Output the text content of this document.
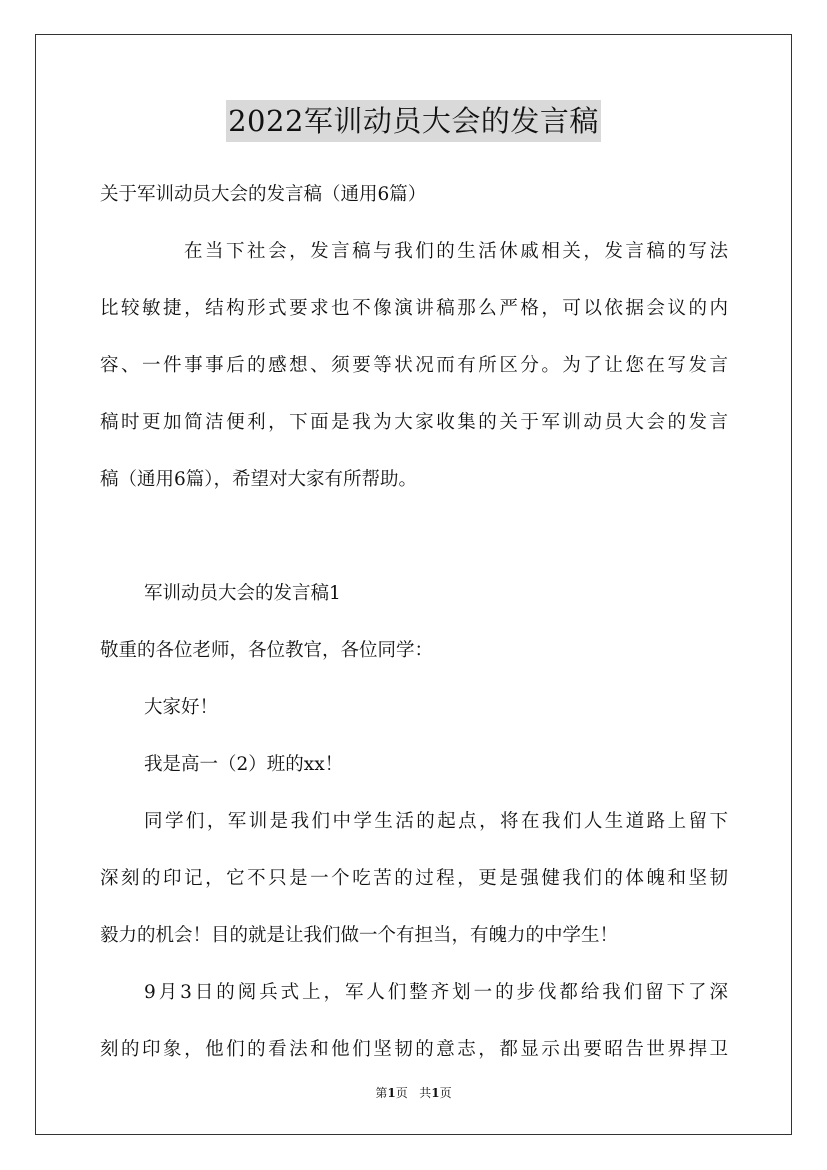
2022军训动员大会的发言稿
关于军训动员大会的发言稿（通用6篇）
在当下社会，发言稿与我们的生活休戚相关，发言稿的写法
比较敏捷，结构形式要求也不像演讲稿那么严格，可以依据会议的内
容、一件事事后的感想、须要等状况而有所区分。为了让您在写发言
稿时更加简洁便利，下面是我为大家收集的关于军训动员大会的发言
稿（通用6篇），希望对大家有所帮助。
军训动员大会的发言稿1
敬重的各位老师，各位教官，各位同学：
大家好！
我是高一（2）班的xx！
同学们，军训是我们中学生活的起点，将在我们人生道路上留下
深刻的印记，它不只是一个吃苦的过程，更是强健我们的体魄和坚韧
毅力的机会！目的就是让我们做一个有担当，有魄力的中学生！
9月3日的阅兵式上，军人们整齐划一的步伐都给我们留下了深
刻的印象，他们的看法和他们坚韧的意志，都显示出要昭告世界捍卫
第1页 共1页
